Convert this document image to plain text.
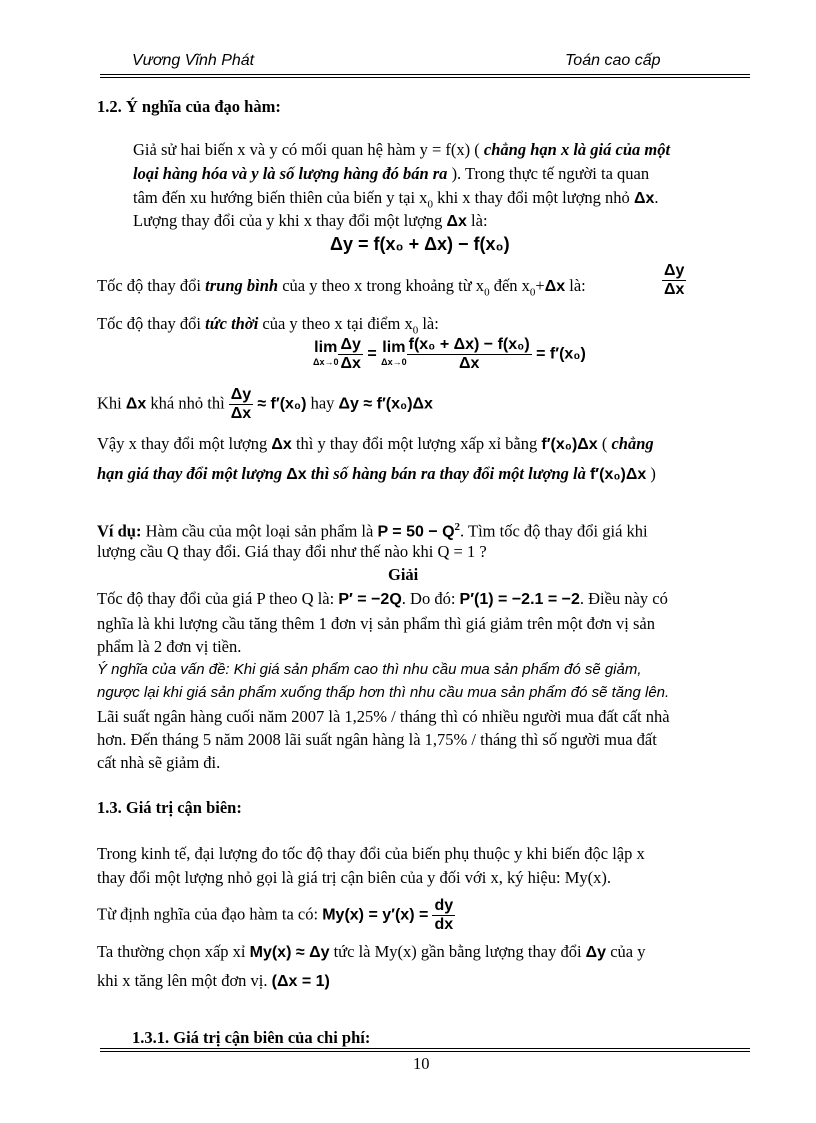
Vương Vĩnh Phát	Toán cao cấp
1.2. Ý nghĩa của đạo hàm:
Giả sử hai biến x và y có mối quan hệ hàm y = f(x) ( chẳng hạn x là giá của một
loại hàng hóa và y là số lượng hàng đó bán ra ). Trong thực tế người ta quan
tâm đến xu hướng biến thiên của biến y tại $x_0$ khi x thay đổi một lượng nhỏ Δx.
Lượng thay đổi của y khi x thay đổi một lượng Δx là:
Δy = f(x₀ + Δx) − f(x₀)
Tốc độ thay đổi trung bình của y theo x trong khoảng từ $x_0$ đến $x_0+\Delta x$ là:	$\frac{\Delta y}{\Delta x}$
Tốc độ thay đổi tức thời của y theo x tại điểm $x_0$ là:
lim
$\Delta x\to 0 \frac{\Delta y}{\Delta x} = \lim$
$\Delta x\to 0 \frac{\text{f(x₀ + Δx) − f(x₀)}}{\Delta x} = f'(x_0)$
Khi Δx khá nhỏ thì $\frac{\Delta y}{\Delta x} \approx f'(x_0)$ hay Δy ≈ f′(x₀)Δx
Vậy x thay đổi một lượng Δx thì y thay đổi một lượng xấp xỉ bằng f′(x₀)Δx ( chẳng
hạn giá thay đổi một lượng Δx thì số hàng bán ra thay đổi một lượng là f′(x₀)Δx )
Ví dụ: Hàm cầu của một loại sản phẩm là $P = 50 - Q^2$. Tìm tốc độ thay đổi giá khi
lượng cầu Q thay đổi. Giá thay đổi như thế nào khi Q = 1 ?
Giải
Tốc độ thay đổi của giá P theo Q là: P′ = −2Q. Do đó: P′(1) = −2.1 = −2. Điều này có
nghĩa là khi lượng cầu tăng thêm 1 đơn vị sản phẩm thì giá giảm trên một đơn vị sản
phẩm là 2 đơn vị tiền.
Ý nghĩa của vấn đề: Khi giá sản phẩm cao thì nhu cầu mua sản phẩm đó sẽ giảm,
ngược lại khi giá sản phẩm xuống thấp hơn thì nhu cầu mua sản phẩm đó sẽ tăng lên.
Lãi suất ngân hàng cuối năm 2007 là 1,25% / tháng thì có nhiều người mua đất cất nhà
hơn. Đến tháng 5 năm 2008 lãi suất ngân hàng là 1,75% / tháng thì số người mua đất
cất nhà sẽ giảm đi.
1.3. Giá trị cận biên:
Trong kinh tế, đại lượng đo tốc độ thay đổi của biến phụ thuộc y khi biến độc lập x
thay đổi một lượng nhỏ gọi là giá trị cận biên của y đối với x, ký hiệu: My(x).
Từ định nghĩa của đạo hàm ta có: $My(x) = y'(x) = \frac{dy}{dx}$
Ta thường chọn xấp xỉ My(x) ≈ Δy tức là My(x) gần bằng lượng thay đổi Δy của y
khi x tăng lên một đơn vị. (Δx = 1)
1.3.1. Giá trị cận biên của chi phí:
10
